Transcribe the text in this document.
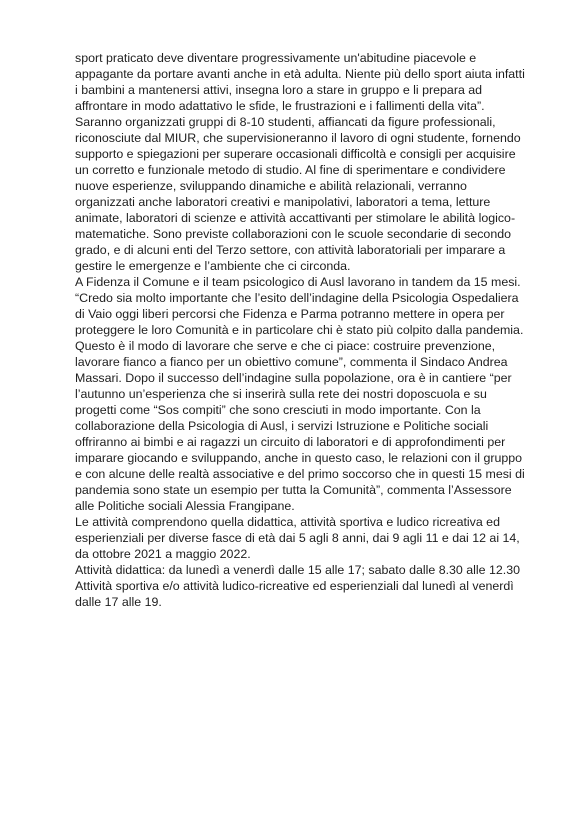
sport praticato deve diventare progressivamente un'abitudine piacevole e appagante da portare avanti anche in età adulta. Niente più dello sport aiuta infatti i bambini a mantenersi attivi, insegna loro a stare in gruppo e li prepara ad affrontare in modo adattativo le sfide, le frustrazioni e i fallimenti della vita”. Saranno organizzati gruppi di 8-10 studenti, affiancati da figure professionali, riconosciute dal MIUR, che supervisioneranno il lavoro di ogni studente, fornendo supporto e spiegazioni per superare occasionali difficoltà e consigli per acquisire un corretto e funzionale metodo di studio. Al fine di sperimentare e condividere nuove esperienze, sviluppando dinamiche e abilità relazionali, verranno organizzati anche laboratori creativi e manipolativi, laboratori a tema, letture animate, laboratori di scienze e attività accattivanti per stimolare le abilità logico-matematiche. Sono previste collaborazioni con le scuole secondarie di secondo grado, e di alcuni enti del Terzo settore, con attività laboratoriali per imparare a gestire le emergenze e l’ambiente che ci circonda.

A Fidenza il Comune e il team psicologico di Ausl lavorano in tandem da 15 mesi.

“Credo sia molto importante che l’esito dell’indagine della Psicologia Ospedaliera di Vaio oggi liberi percorsi che Fidenza e Parma potranno mettere in opera per proteggere le loro Comunità e in particolare chi è stato più colpito dalla pandemia. Questo è il modo di lavorare che serve e che ci piace: costruire prevenzione, lavorare fianco a fianco per un obiettivo comune”, commenta il Sindaco Andrea Massari. Dopo il successo dell’indagine sulla popolazione, ora è in cantiere “per l’autunno un’esperienza che si inserirà sulla rete dei nostri doposcuola e su progetti come “Sos compiti” che sono cresciuti in modo importante. Con la collaborazione della Psicologia di Ausl, i servizi Istruzione e Politiche sociali offriranno ai bimbi e ai ragazzi un circuito di laboratori e di approfondimenti per imparare giocando e sviluppando, anche in questo caso, le relazioni con il gruppo e con alcune delle realtà associative e del primo soccorso che in questi 15 mesi di pandemia sono state un esempio per tutta la Comunità”, commenta l’Assessore alle Politiche sociali Alessia Frangipane.

Le attività comprendono quella didattica, attività sportiva e ludico ricreativa ed esperienziali per diverse fasce di età dai 5 agli 8 anni, dai 9 agli 11 e dai 12 ai 14, da ottobre 2021 a maggio 2022.

Attività didattica: da lunedì a venerdì dalle 15 alle 17; sabato dalle 8.30 alle 12.30

Attività sportiva e/o attività ludico-ricreative ed esperienziali dal lunedì al venerdì dalle 17 alle 19.
